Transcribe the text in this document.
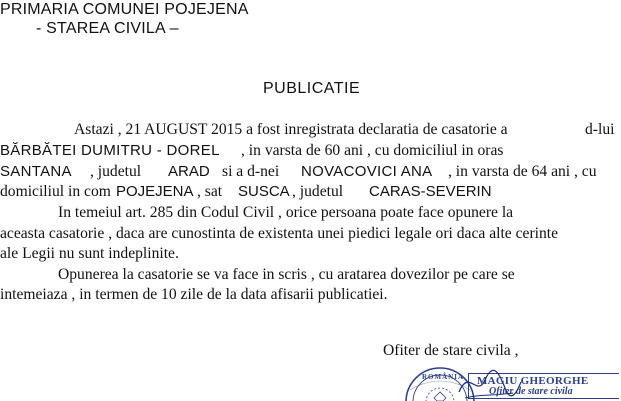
PRIMARIA COMUNEI POJEJENA
- STAREA CIVILA –
PUBLICATIE
Astazi , 21 AUGUST 2015 a fost inregistrata declaratia de casatorie a	d-lui
BĂRBĂTEI DUMITRU - DOREL , in varsta de 60 ani , cu domiciliul in oras
SANTANA , judetul ARAD si a d-nei NOVACOVICI ANA , in varsta de 64 ani , cu
domiciliul in com POJEJENA , sat SUSCA , judetul CARAS-SEVERIN
In temeiul art. 285 din Codul Civil , orice persoana poate face opunere la
aceasta casatorie , daca are cunostinta de existenta unei piedici legale ori daca alte cerinte
ale Legii nu sunt indeplinite.
Opunerea la casatorie se va face in scris , cu aratarea dovezilor pe care se
intemeiaza , in termen de 10 zile de la data afisarii publicatiei.
Ofiter de stare civila ,
ROMÂNIA MAGIU GHEORGHE
Ofiter de stare civila
